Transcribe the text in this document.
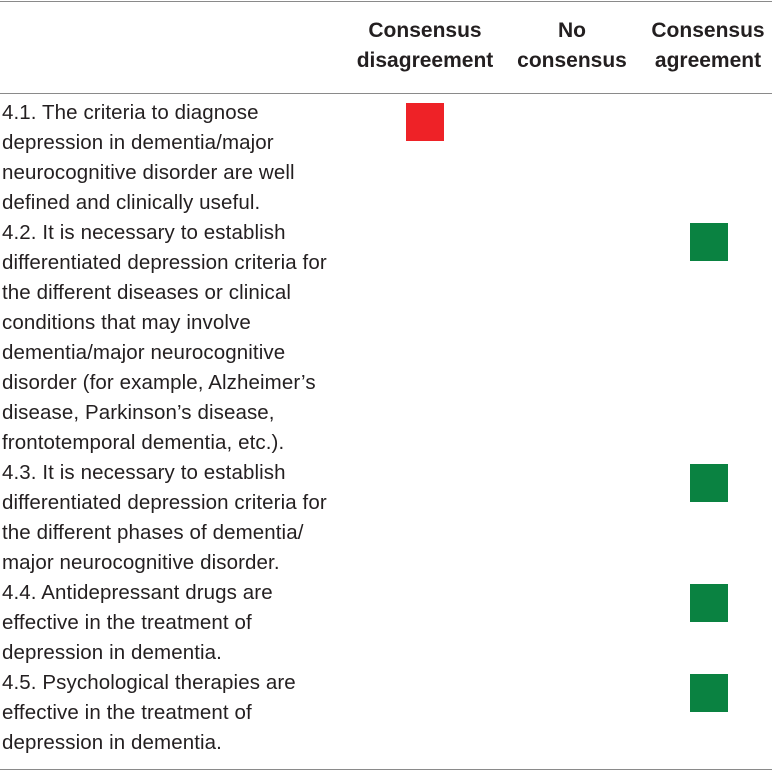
Consensus
disagreement
No
consensus
Consensus
agreement
4.1. The criteria to diagnose
depression in dementia/major
neurocognitive disorder are well
defined and clinically useful.
4.2. It is necessary to establish
differentiated depression criteria for
the different diseases or clinical
conditions that may involve
dementia/major neurocognitive
disorder (for example, Alzheimer’s
disease, Parkinson’s disease,
frontotemporal dementia, etc.).
4.3. It is necessary to establish
differentiated depression criteria for
the different phases of dementia/
major neurocognitive disorder.
4.4. Antidepressant drugs are
effective in the treatment of
depression in dementia.
4.5. Psychological therapies are
effective in the treatment of
depression in dementia.
